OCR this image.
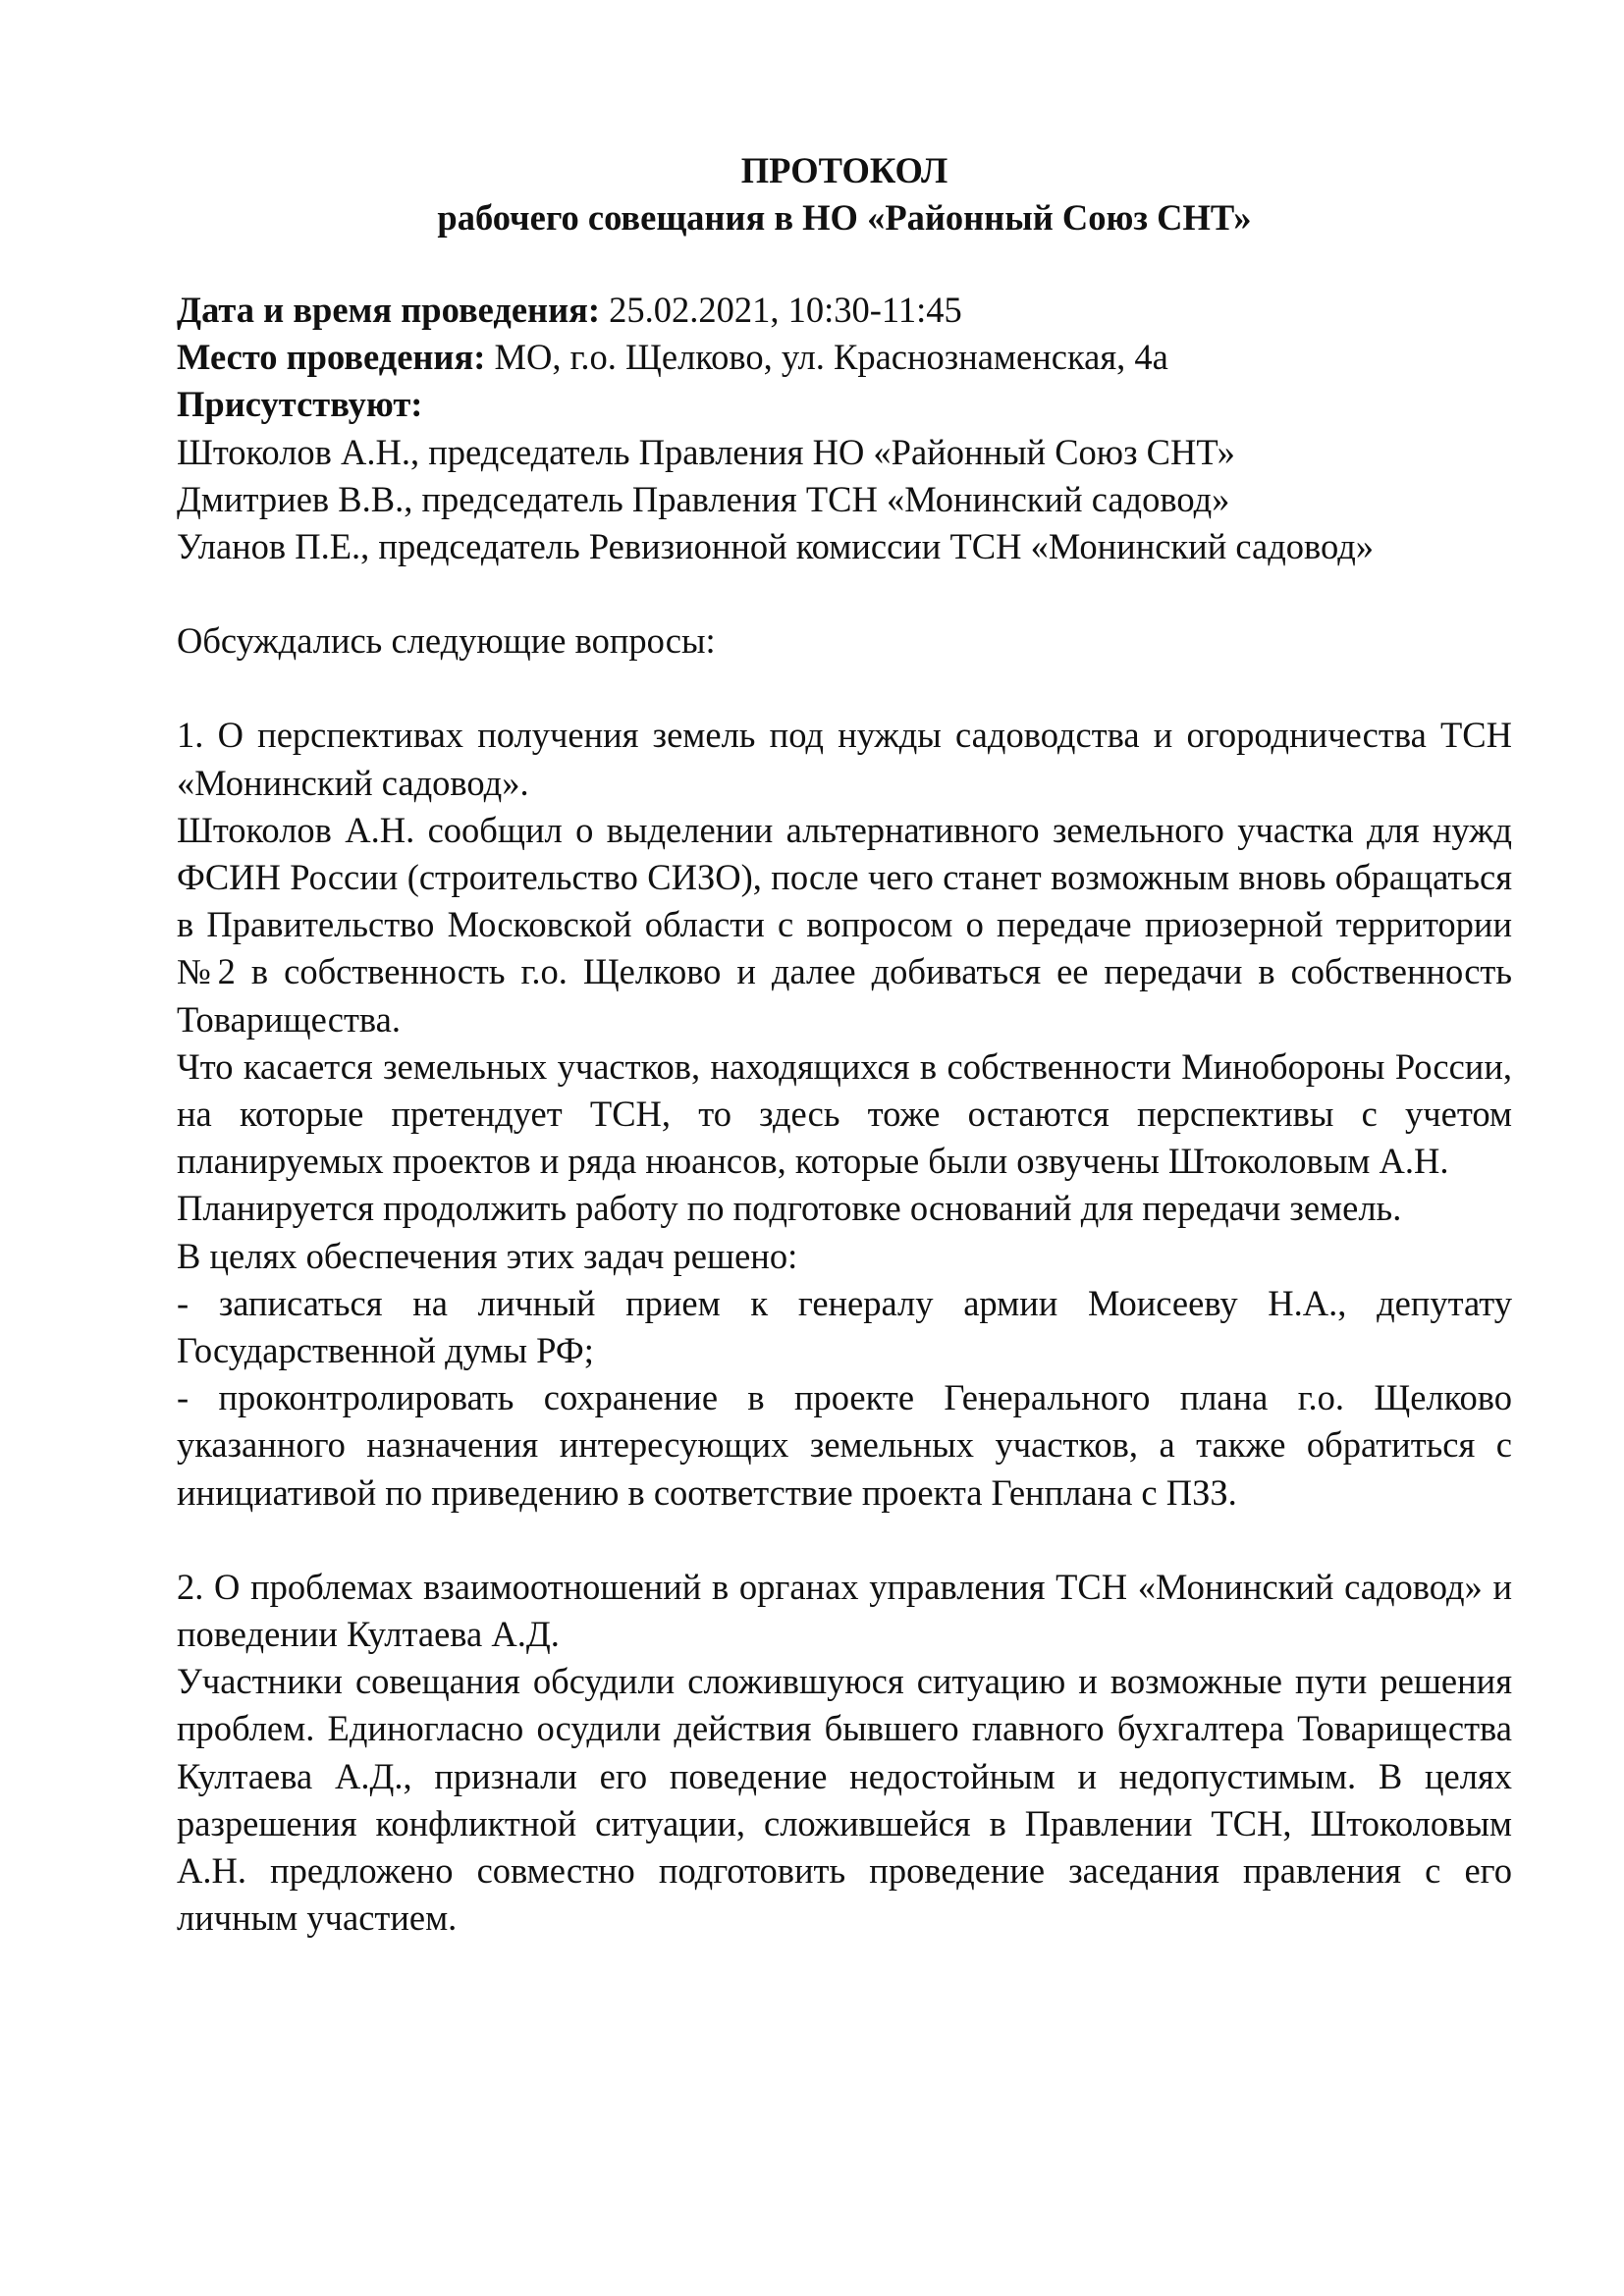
ПРОТОКОЛ
рабочего совещания в НО «Районный Союз СНТ»

Дата и время проведения: 25.02.2021, 10:30-11:45

Место проведения: МО, г.о. Щелково, ул. Краснознаменская, 4а

Присутствуют:

Штоколов А.Н., председатель Правления НО «Районный Союз СНТ»

Дмитриев В.В., председатель Правления ТСН «Монинский садовод»

Уланов П.Е., председатель Ревизионной комиссии ТСН «Монинский садовод»

Обсуждались следующие вопросы:

1. О перспективах получения земель под нужды садоводства и огородничества ТСН «Монинский садовод».

Штоколов А.Н. сообщил о выделении альтернативного земельного участка для нужд ФСИН России (строительство СИЗО), после чего станет возможным вновь обращаться в Правительство Московской области с вопросом о передаче приозерной территории №2 в собственность г.о. Щелково и далее добиваться ее передачи в собственность Товарищества.

Что касается земельных участков, находящихся в собственности Минобороны России, на которые претендует ТСН, то здесь тоже остаются перспективы с учетом планируемых проектов и ряда нюансов, которые были озвучены Штоколовым А.Н.

Планируется продолжить работу по подготовке оснований для передачи земель.

В целях обеспечения этих задач решено:

- записаться на личный прием к генералу армии Моисееву Н.А., депутату Государственной думы РФ;

- проконтролировать сохранение в проекте Генерального плана г.о. Щелково указанного назначения интересующих земельных участков, а также обратиться с инициативой по приведению в соответствие проекта Генплана с ПЗЗ.

2. О проблемах взаимоотношений в органах управления ТСН «Монинский садовод» и поведении Култаева А.Д.

Участники совещания обсудили сложившуюся ситуацию и возможные пути решения проблем. Единогласно осудили действия бывшего главного бухгалтера Товарищества Култаева А.Д., признали его поведение недостойным и недопустимым. В целях разрешения конфликтной ситуации, сложившейся в Правлении ТСН, Штоколовым А.Н. предложено совместно подготовить проведение заседания правления с его личным участием.
